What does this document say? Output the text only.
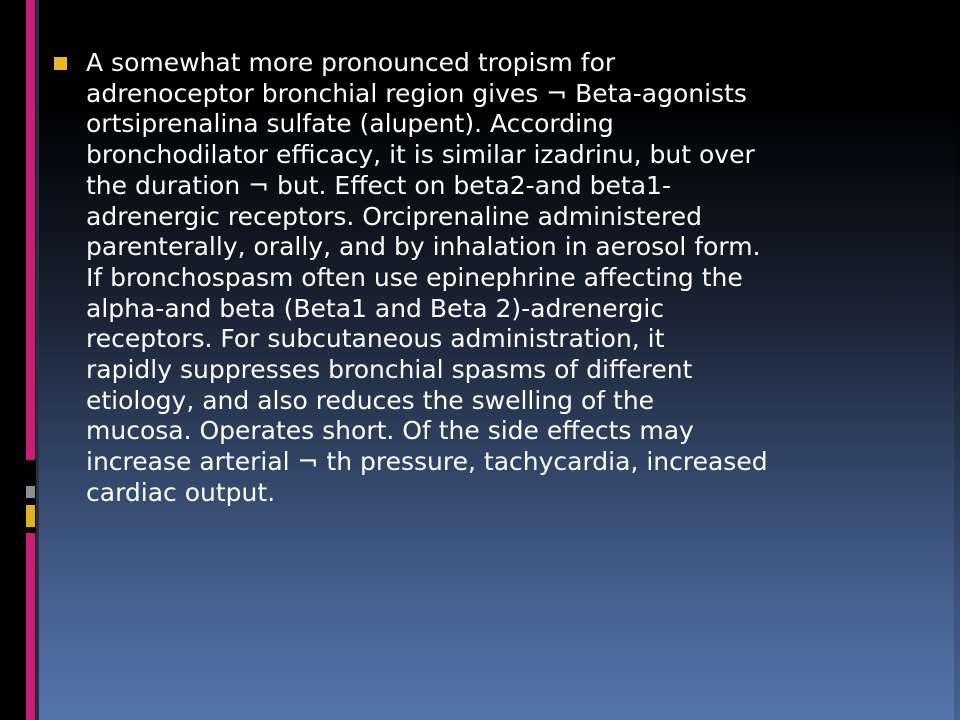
A somewhat more pronounced tropism for
adrenoceptor bronchial region gives ¬ Beta-agonists
ortsiprenalina sulfate (alupent). According
bronchodilator efficacy, it is similar izadrinu, but over
the duration ¬ but. Effect on beta2-and beta1-
adrenergic receptors. Orciprenaline administered
parenterally, orally, and by inhalation in aerosol form.
If bronchospasm often use epinephrine affecting the
alpha-and beta (Beta1 and Beta 2)-adrenergic
receptors. For subcutaneous administration, it
rapidly suppresses bronchial spasms of different
etiology, and also reduces the swelling of the
mucosa. Operates short. Of the side effects may
increase arterial ¬ th pressure, tachycardia, increased
cardiac output.
